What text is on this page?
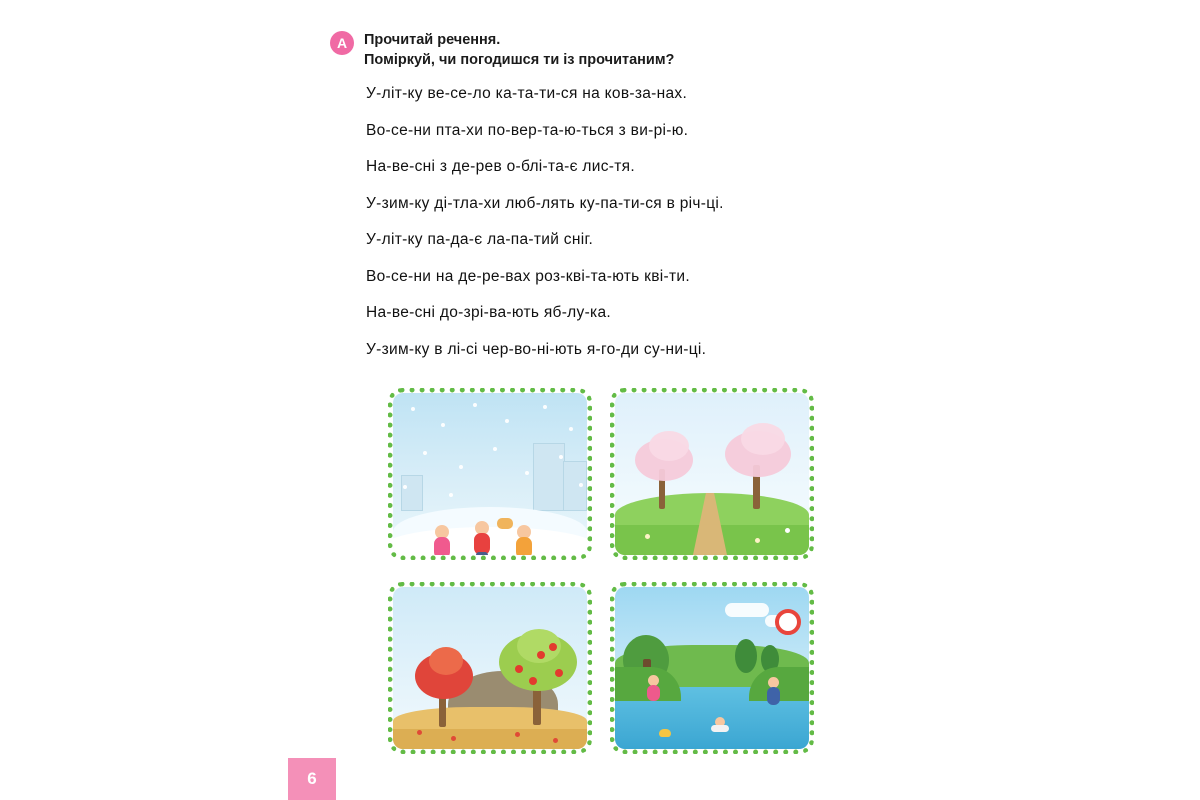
А	Прочитай речення.
Поміркуй, чи погодишся ти із прочитаним?
У-літ-ку ве-се-ло ка-та-ти-ся на ков-за-нах.
Во-се-ни пта-хи по-вер-та-ю-ться з ви-рі-ю.
На-ве-сні з де-рев о-блі-та-є лис-тя.
У-зим-ку ді-тла-хи люб-лять ку-па-ти-ся в річ-ці.
У-літ-ку па-да-є ла-па-тий сніг.
Во-се-ни на де-ре-вах роз-кві-та-ють кві-ти.
На-ве-сні до-зрі-ва-ють яб-лу-ка.
У-зим-ку в лі-сі чер-во-ні-ють я-го-ди су-ни-ці.
6
